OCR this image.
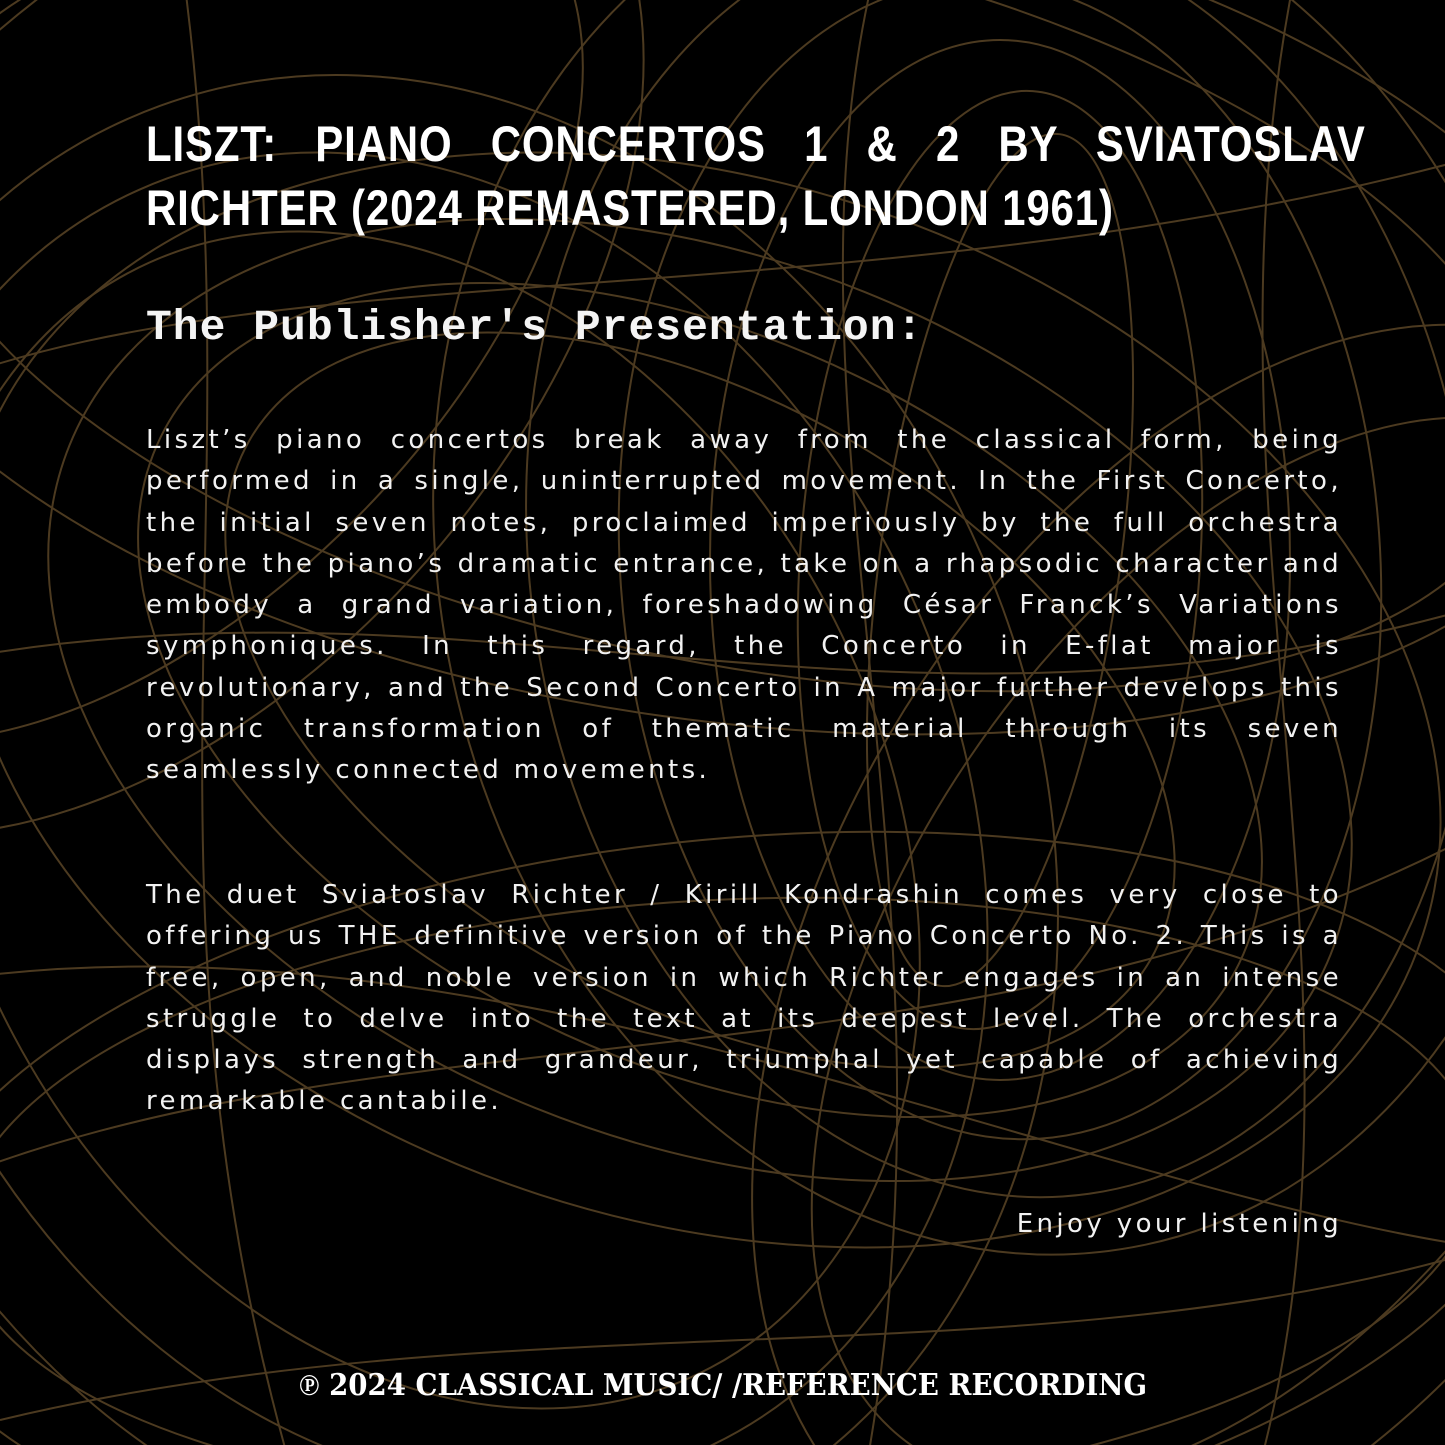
LISZT: PIANO CONCERTOS 1 & 2 BY SVIATOSLAV RICHTER (2024 REMASTERED, LONDON 1961)
The Publisher's Presentation:

Liszt’s piano concertos break away from the classical form, being performed in a single, uninterrupted movement. In the First Concerto, the initial seven notes, proclaimed imperiously by the full orchestra before the piano’s dramatic entrance, take on a rhapsodic character and embody a grand variation, foreshadowing César Franck’s Variations symphoniques. In this regard, the Concerto in E-flat major is revolutionary, and the Second Concerto in A major further develops this organic transformation of thematic material through its seven seamlessly connected movements.

The duet Sviatoslav Richter / Kirill Kondrashin comes very close to offering us THE definitive version of the Piano Concerto No. 2. This is a free, open, and noble version in which Richter engages in an intense struggle to delve into the text at its deepest level. The orchestra displays strength and grandeur, triumphal yet capable of achieving remarkable cantabile.

Enjoy your listening

℗ 2024 CLASSICAL MUSIC/ /REFERENCE RECORDING
